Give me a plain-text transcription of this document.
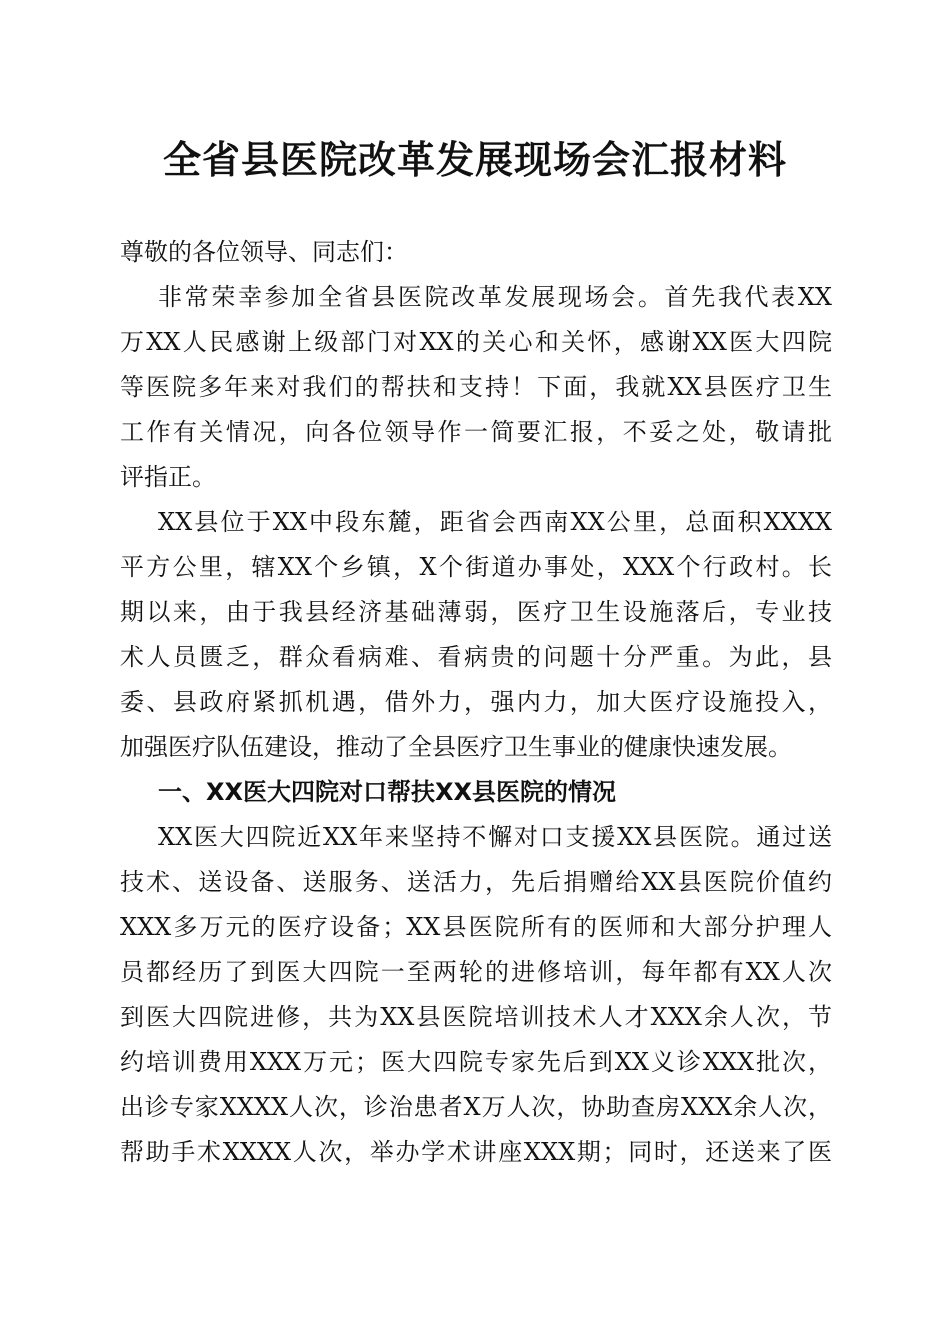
全省县医院改革发展现场会汇报材料
尊敬的各位领导、同志们：
非常荣幸参加全省县医院改革发展现场会。首先我代表XX
万XX人民感谢上级部门对XX的关心和关怀，感谢XX医大四院
等医院多年来对我们的帮扶和支持！下面，我就XX县医疗卫生
工作有关情况，向各位领导作一简要汇报，不妥之处，敬请批
评指正。
XX县位于XX中段东麓，距省会西南XX公里，总面积XXXX
平方公里，辖XX个乡镇，X个街道办事处，XXX个行政村。长
期以来，由于我县经济基础薄弱，医疗卫生设施落后，专业技
术人员匮乏，群众看病难、看病贵的问题十分严重。为此，县
委、县政府紧抓机遇，借外力，强内力，加大医疗设施投入，
加强医疗队伍建设，推动了全县医疗卫生事业的健康快速发展。
一、XX医大四院对口帮扶XX县医院的情况
XX医大四院近XX年来坚持不懈对口支援XX县医院。通过送
技术、送设备、送服务、送活力，先后捐赠给XX县医院价值约
XXX多万元的医疗设备；XX县医院所有的医师和大部分护理人
员都经历了到医大四院一至两轮的进修培训，每年都有XX人次
到医大四院进修，共为XX县医院培训技术人才XXX余人次，节
约培训费用XXX万元；医大四院专家先后到XX义诊XXX批次，
出诊专家XXXX人次，诊治患者X万人次，协助查房XXX余人次，
帮助手术XXXX人次，举办学术讲座XXX期；同时，还送来了医
